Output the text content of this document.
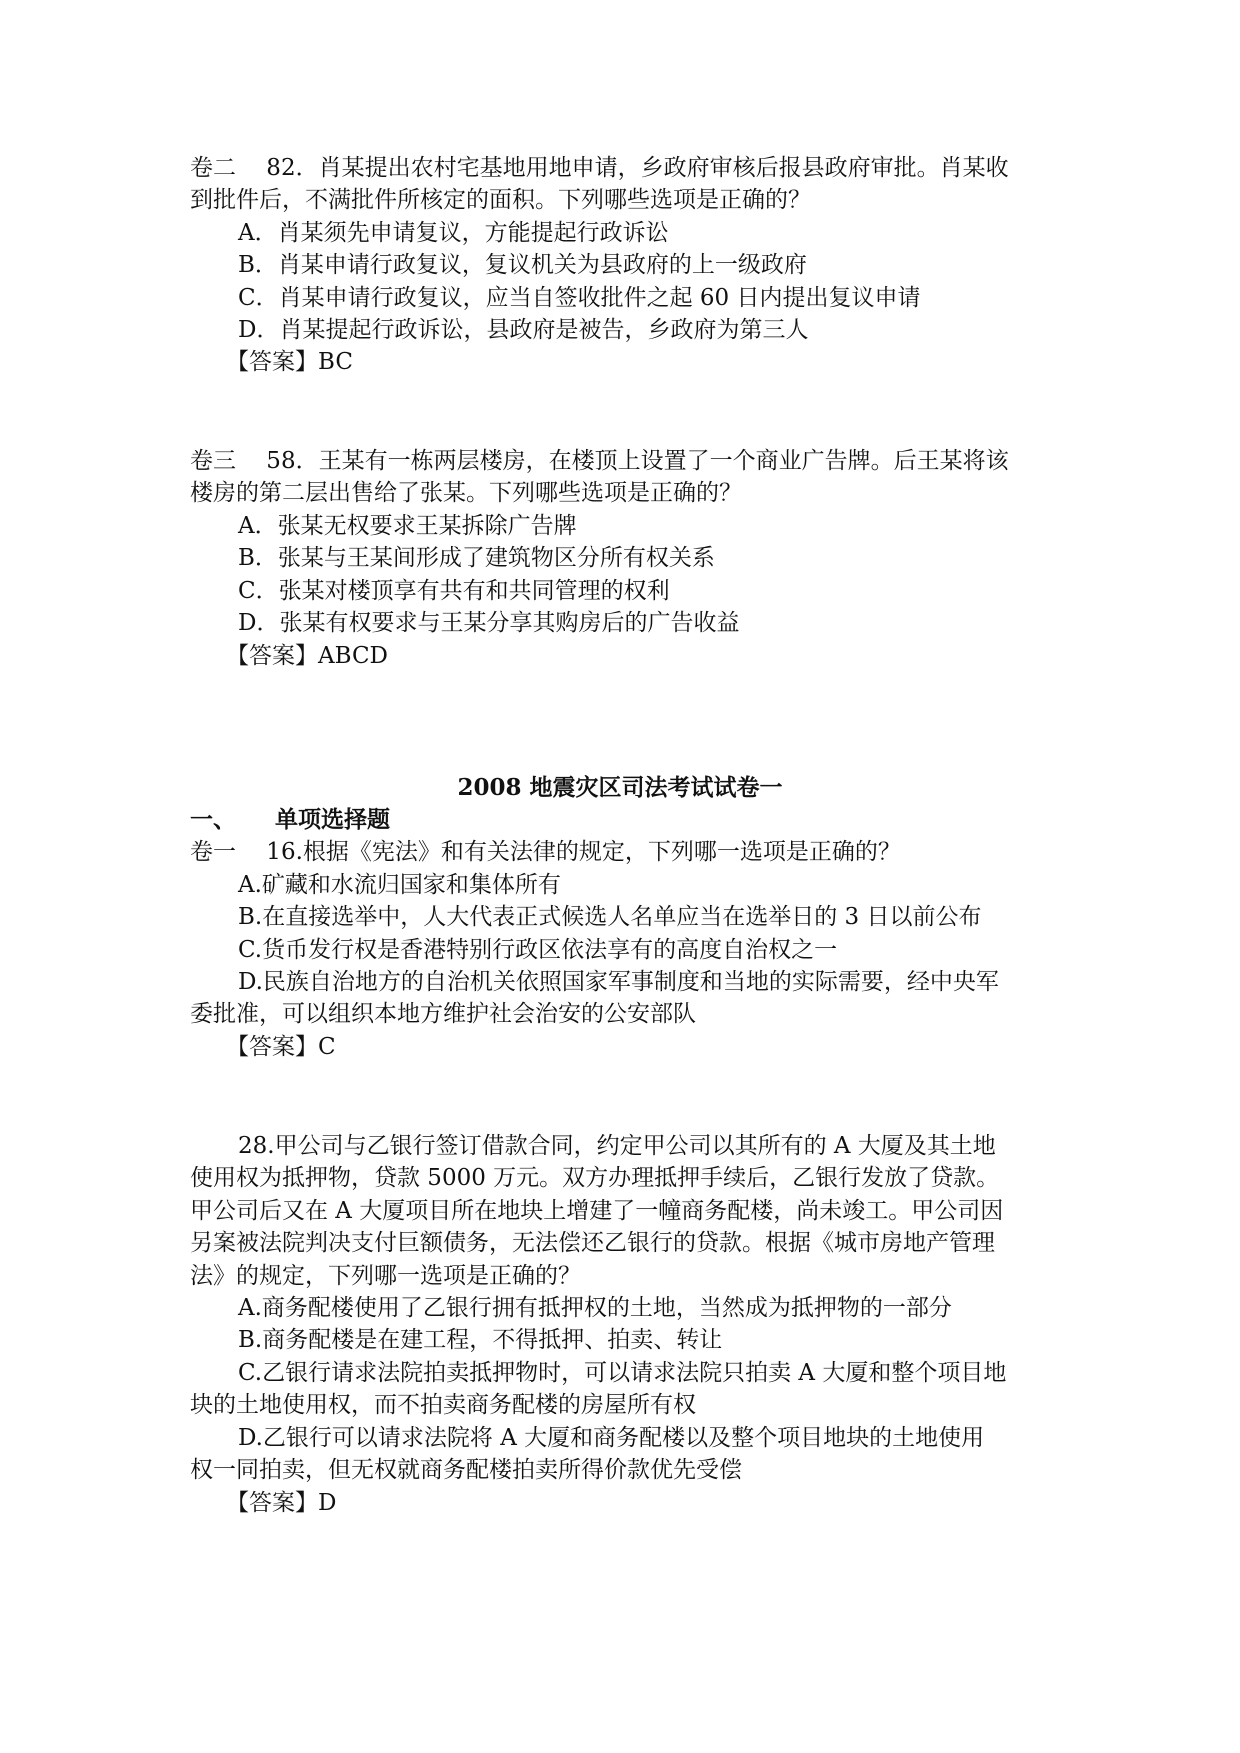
卷二　 82．肖某提出农村宅基地用地申请，乡政府审核后报县政府审批。肖某收
到批件后，不满批件所核定的面积。下列哪些选项是正确的？
A．肖某须先申请复议，方能提起行政诉讼
B．肖某申请行政复议，复议机关为县政府的上一级政府
C．肖某申请行政复议，应当自签收批件之起 60 日内提出复议申请
D．肖某提起行政诉讼，县政府是被告，乡政府为第三人
【答案】BC
卷三　 58．王某有一栋两层楼房，在楼顶上设置了一个商业广告牌。后王某将该
楼房的第二层出售给了张某。下列哪些选项是正确的？
A．张某无权要求王某拆除广告牌
B．张某与王某间形成了建筑物区分所有权关系
C．张某对楼顶享有共有和共同管理的权利
D．张某有权要求与王某分享其购房后的广告收益
【答案】ABCD
2008 地震灾区司法考试试卷一
一、 单项选择题
卷一　 16.根据《宪法》和有关法律的规定，下列哪一选项是正确的？
A.矿藏和水流归国家和集体所有
B.在直接选举中，人大代表正式候选人名单应当在选举日的 3 日以前公布
C.货币发行权是香港特别行政区依法享有的高度自治权之一
D.民族自治地方的自治机关依照国家军事制度和当地的实际需要，经中央军
委批准，可以组织本地方维护社会治安的公安部队
【答案】C
28.甲公司与乙银行签订借款合同，约定甲公司以其所有的 A 大厦及其土地
使用权为抵押物，贷款 5000 万元。双方办理抵押手续后，乙银行发放了贷款。
甲公司后又在 A 大厦项目所在地块上增建了一幢商务配楼，尚未竣工。甲公司因
另案被法院判决支付巨额债务，无法偿还乙银行的贷款。根据《城市房地产管理
法》的规定，下列哪一选项是正确的？
A.商务配楼使用了乙银行拥有抵押权的土地，当然成为抵押物的一部分
B.商务配楼是在建工程，不得抵押、拍卖、转让
C.乙银行请求法院拍卖抵押物时，可以请求法院只拍卖 A 大厦和整个项目地
块的土地使用权，而不拍卖商务配楼的房屋所有权
D.乙银行可以请求法院将 A 大厦和商务配楼以及整个项目地块的土地使用
权一同拍卖，但无权就商务配楼拍卖所得价款优先受偿
【答案】D
